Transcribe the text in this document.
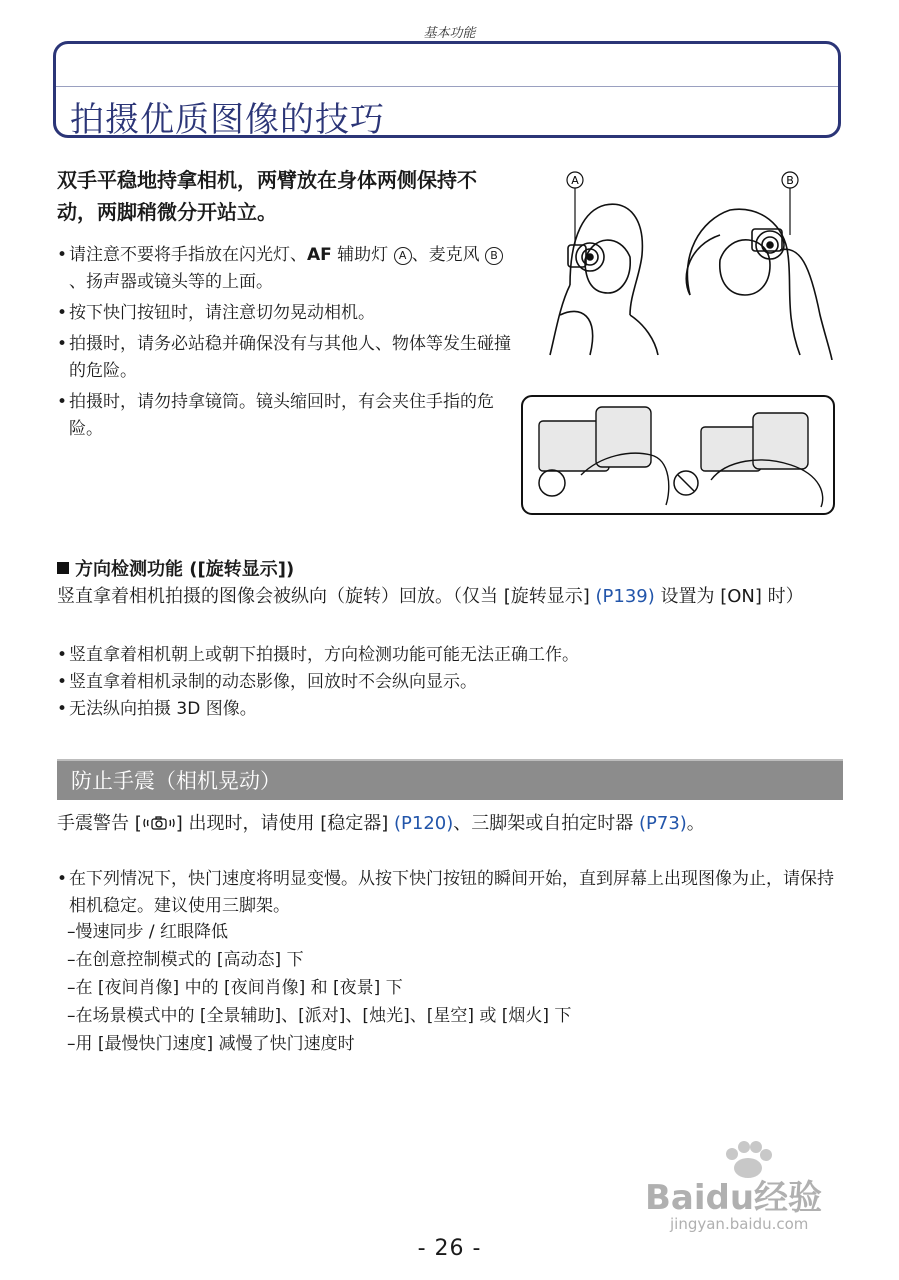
基本功能
拍摄优质图像的技巧
双手平稳地持拿相机，两臂放在身体两侧保持不动，两脚稍微分开站立。
• 请注意不要将手指放在闪光灯、AF 辅助灯 A 、麦克风 B、扬声器或镜头等的上面。
• 按下快门按钮时，请注意切勿晃动相机。
• 拍摄时，请务必站稳并确保没有与其他人、物体等发生碰撞的危险。
• 拍摄时，请勿持拿镜筒。镜头缩回时，有会夹住手指的危险。
A	B
方向检测功能 ([旋转显示])
竖直拿着相机拍摄的图像会被纵向（旋转）回放。（仅当 [旋转显示] (P139) 设置为 [ON] 时）
• 竖直拿着相机朝上或朝下拍摄时，方向检测功能可能无法正确工作。
• 竖直拿着相机录制的动态影像，回放时不会纵向显示。
• 无法纵向拍摄 3D 图像。
防止手震（相机晃动）
手震警告 [ ] 出现时，请使用 [稳定器] (P120)、三脚架或自拍定时器 (P73)。
• 在下列情况下，快门速度将明显变慢。从按下快门按钮的瞬间开始，直到屏幕上出现图像为止，请保持相机稳定。建议使用三脚架。
–慢速同步 / 红眼降低
–在创意控制模式的 [高动态] 下
–在 [夜间肖像] 中的 [夜间肖像] 和 [夜景] 下
–在场景模式中的 [全景辅助]、[派对]、[烛光]、[星空] 或 [烟火] 下
–用 [最慢快门速度] 减慢了快门速度时
Baidu经验
jingyan.baidu.com
- 26 -
